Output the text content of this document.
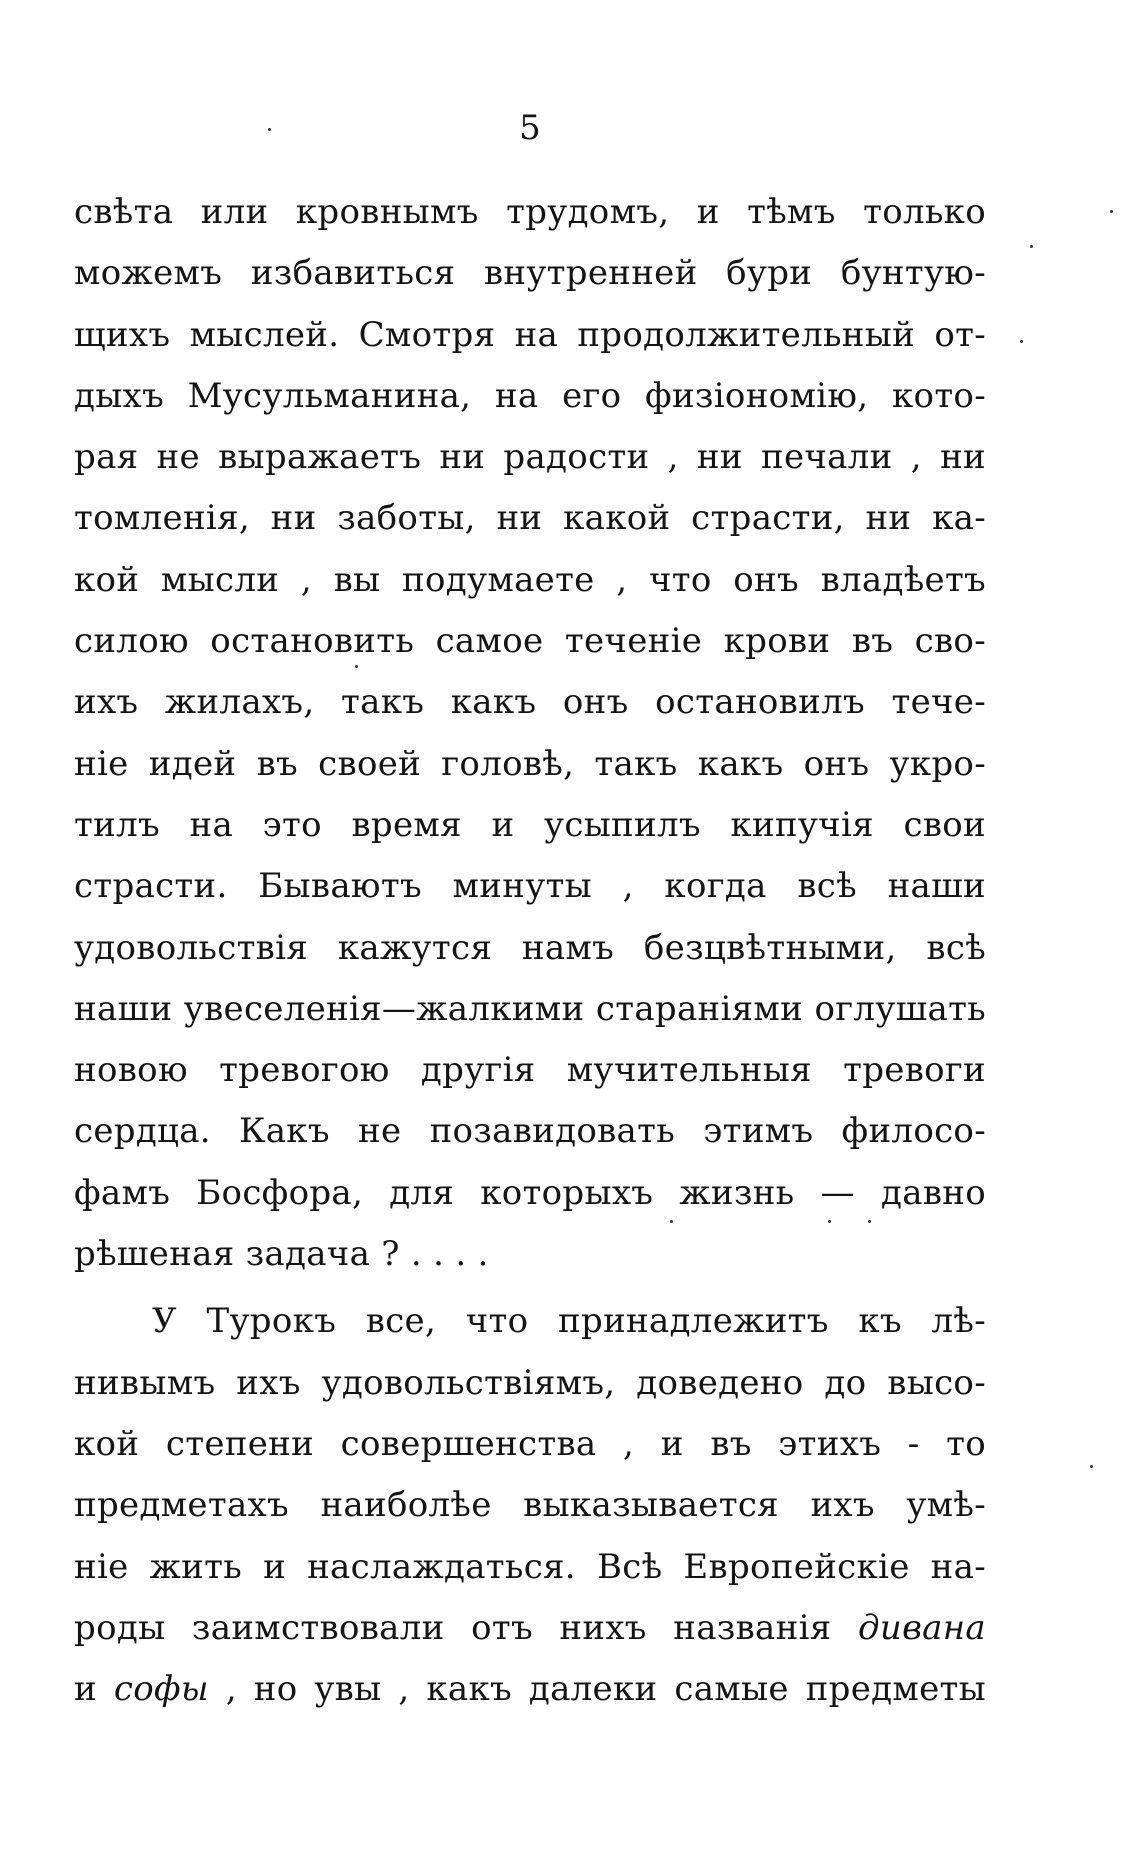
5
свѣта или кровнымъ трудомъ, и тѣмъ только
можемъ избавиться внутренней бури бунтую-
щихъ мыслей. Смотря на продолжительный от-
дыхъ Мусульманина, на его физіономію, кото-
рая не выражаетъ ни радости , ни печали , ни
томленія, ни заботы, ни какой страсти, ни ка-
кой мысли , вы подумаете , что онъ владѣетъ
силою остановить самое теченіе крови въ сво-
ихъ жилахъ, такъ какъ онъ остановилъ тече-
ніе идей въ своей головѣ, такъ какъ онъ укро-
тилъ на это время и усыпилъ кипучія свои
страсти. Бываютъ минуты , когда всѣ наши
удовольствія кажутся намъ безцвѣтными, всѣ
наши увеселенія—жалкими стараніями оглушать
новою тревогою другія мучительныя тревоги
сердца. Какъ не позавидовать этимъ филосо-
фамъ Босфора, для которыхъ жизнь — давно
рѣшеная задача ? . . . .
У Турокъ все, что принадлежитъ къ лѣ-
нивымъ ихъ удовольствіямъ, доведено до высо-
кой степени совершенства , и въ этихъ - то
предметахъ наиболѣе выказывается ихъ умѣ-
ніе жить и наслаждаться. Всѣ Европейскіе на-
роды заимствовали отъ нихъ названія дивана
и софы , но увы , какъ далеки самые предметы
